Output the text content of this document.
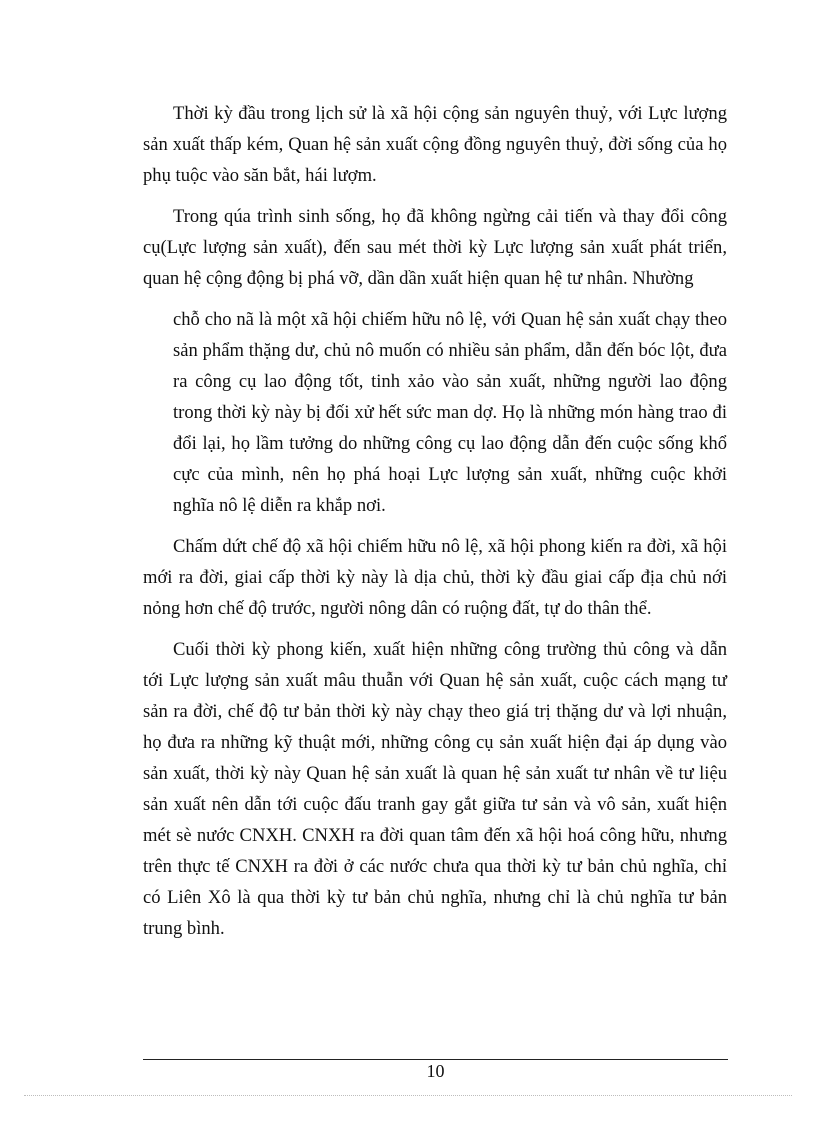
Thời kỳ đầu trong lịch sử là xã hội cộng sản nguyên thuỷ, với Lực lượng sản xuất thấp kém, Quan hệ sản xuất cộng đồng nguyên thuỷ, đời sống của họ phụ tuộc vào săn bắt, hái lượm.

Trong qúa trình sinh sống, họ đã không ngừng cải tiến và thay đổi công cụ(Lực lượng sản xuất), đến sau mét thời kỳ Lực lượng sản xuất phát triển, quan hệ cộng động bị phá vỡ, dần dần xuất hiện quan hệ tư nhân. Nhường

chỗ cho nã là một xã hội chiếm hữu nô lệ, với Quan hệ sản xuất chạy theo sản phẩm thặng dư, chủ nô muốn có nhiều sản phẩm, dẫn đến bóc lột, đưa ra công cụ lao động tốt, tinh xảo vào sản xuất, những người lao động trong thời kỳ này bị đối xử hết sức man dợ. Họ là những món hàng trao đi đổi lại, họ lầm tưởng do những công cụ lao động dẫn đến cuộc sống khổ cực của mình, nên họ phá hoại Lực lượng sản xuất, những cuộc khởi nghĩa nô lệ diễn ra khắp nơi.

Chấm dứt chế độ xã hội chiếm hữu nô lệ, xã hội phong kiến ra đời, xã hội mới ra đời, giai cấp thời kỳ này là dịa chủ, thời kỳ đầu giai cấp địa chủ nới nỏng hơn chế độ trước, người nông dân có ruộng đất, tự do thân thể.

Cuối thời kỳ phong kiến, xuất hiện những công trường thủ công và dẫn tới Lực lượng sản xuất mâu thuẫn với Quan hệ sản xuất, cuộc cách mạng tư sản ra đời, chế độ tư bản thời kỳ này chạy theo giá trị thặng dư và lợi nhuận, họ đưa ra những kỹ thuật mới, những công cụ sản xuất hiện đại áp dụng vào sản xuất, thời kỳ này Quan hệ sản xuất là quan hệ sản xuất tư nhân về tư liệu sản xuất nên dẫn tới cuộc đấu tranh gay gắt giữa tư sản và vô sản, xuất hiện mét sè nước CNXH. CNXH ra đời quan tâm đến xã hội hoá công hữu, nhưng trên thực tế CNXH ra đời ở các nước chưa qua thời kỳ tư bản chủ nghĩa, chỉ có Liên Xô là qua thời kỳ tư bản chủ nghĩa, nhưng chỉ là chủ nghĩa tư bản trung bình.

10
